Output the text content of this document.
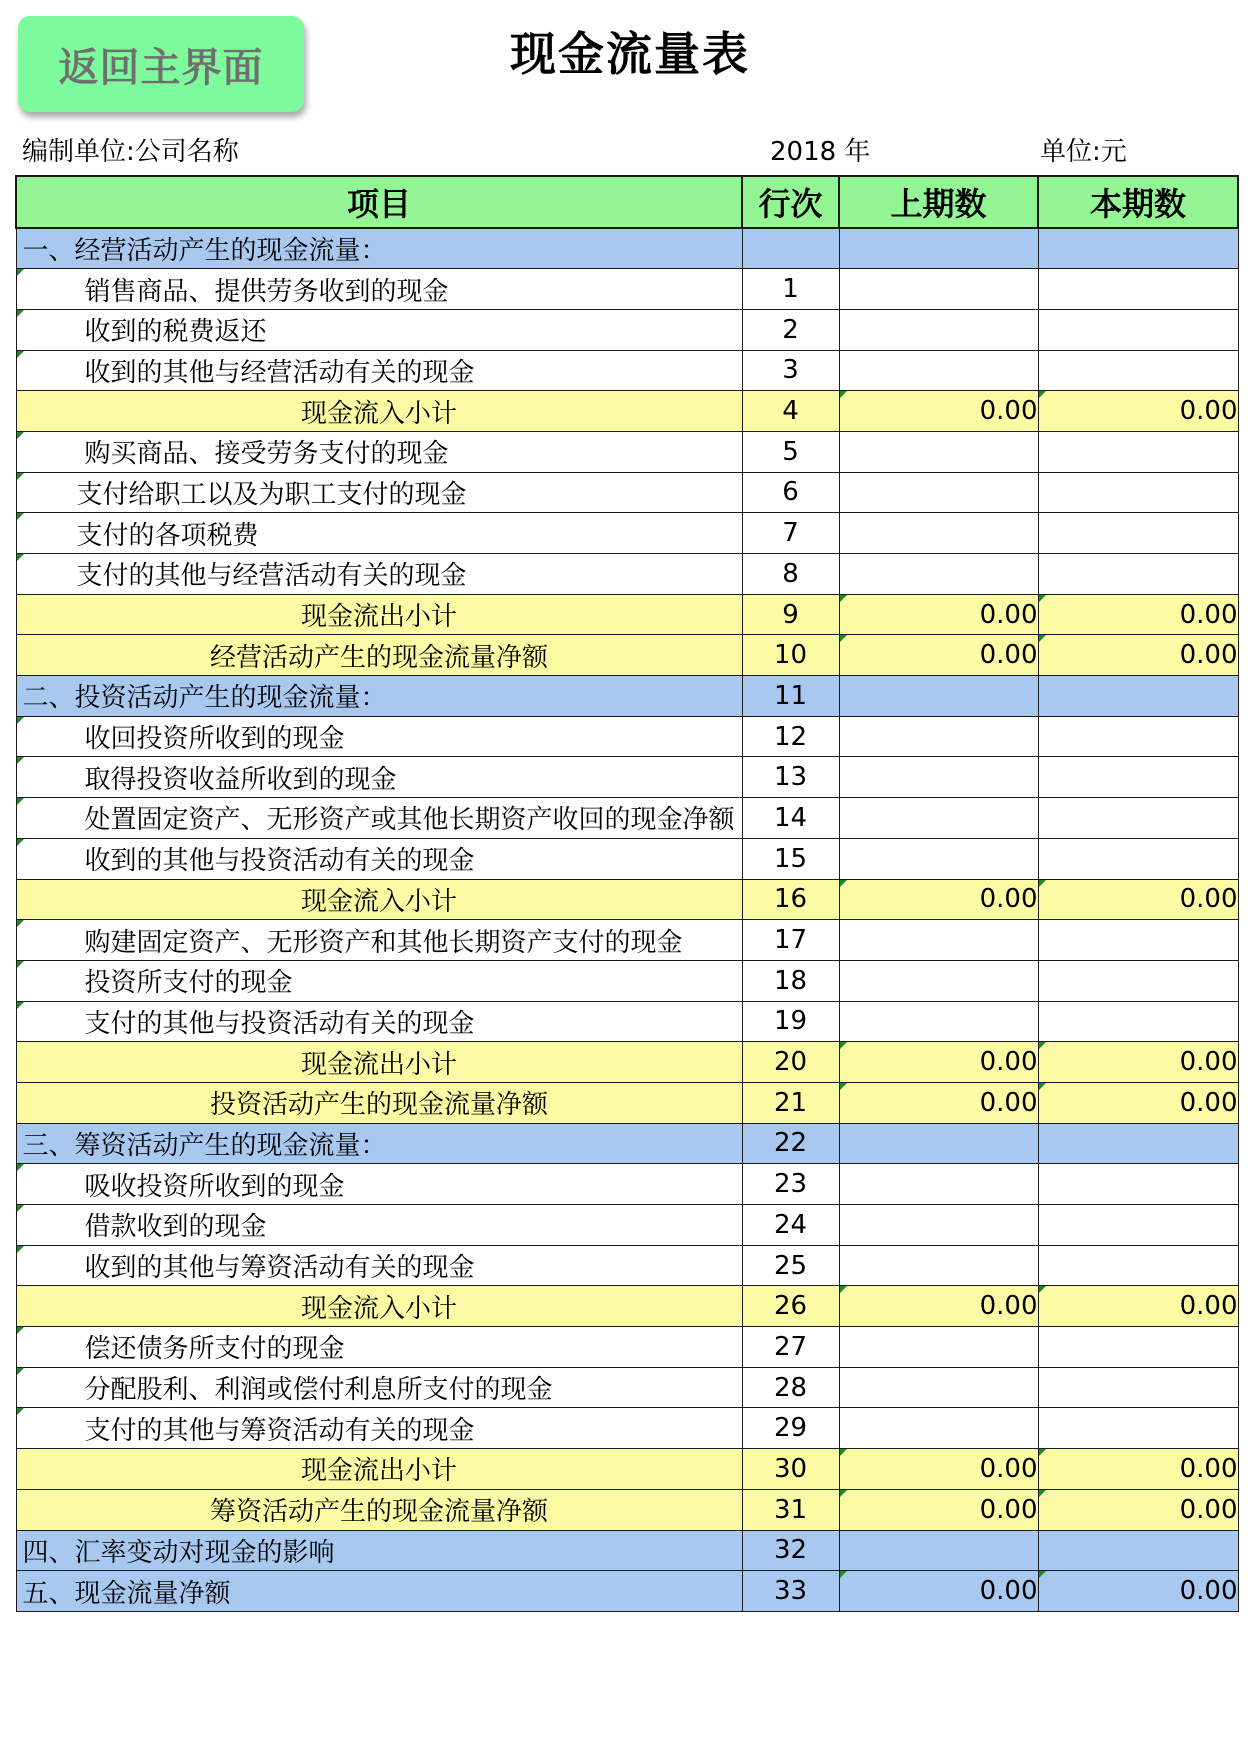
返回主界面	现金流量表
编制单位:公司名称	2018 年	单位:元
项目	行次	上期数	本期数
一、经营活动产生的现金流量：			
销售商品、提供劳务收到的现金	1		
收到的税费返还	2		
收到的其他与经营活动有关的现金	3		
现金流入小计	4	0.00	0.00
购买商品、接受劳务支付的现金	5		
支付给职工以及为职工支付的现金	6		
支付的各项税费	7		
支付的其他与经营活动有关的现金	8		
现金流出小计	9	0.00	0.00
经营活动产生的现金流量净额	10	0.00	0.00
二、投资活动产生的现金流量：	11		
收回投资所收到的现金	12		
取得投资收益所收到的现金	13		
处置固定资产、无形资产或其他长期资产收回的现金净额	14		
收到的其他与投资活动有关的现金	15		
现金流入小计	16	0.00	0.00
购建固定资产、无形资产和其他长期资产支付的现金	17		
投资所支付的现金	18		
支付的其他与投资活动有关的现金	19		
现金流出小计	20	0.00	0.00
投资活动产生的现金流量净额	21	0.00	0.00
三、筹资活动产生的现金流量：	22		
吸收投资所收到的现金	23		
借款收到的现金	24		
收到的其他与筹资活动有关的现金	25		
现金流入小计	26	0.00	0.00
偿还债务所支付的现金	27		
分配股利、利润或偿付利息所支付的现金	28		
支付的其他与筹资活动有关的现金	29		
现金流出小计	30	0.00	0.00
筹资活动产生的现金流量净额	31	0.00	0.00
四、汇率变动对现金的影响	32		
五、现金流量净额	33	0.00	0.00
